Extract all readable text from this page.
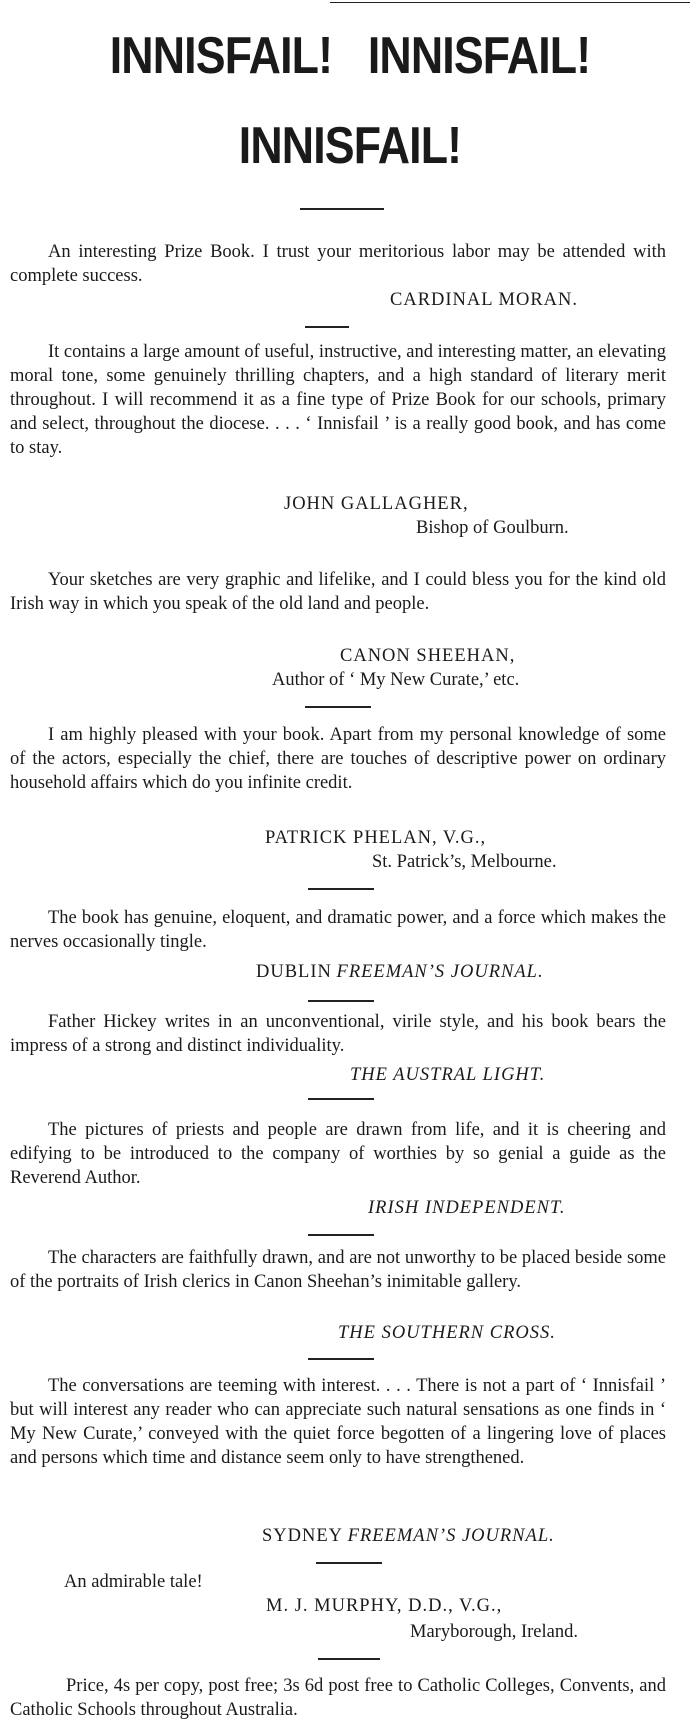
INNISFAIL! INNISFAIL!
INNISFAIL!

An interesting Prize Book. I trust your meritorious labor may be attended with complete success.

CARDINAL MORAN.

It contains a large amount of useful, instructive, and interesting matter, an elevating moral tone, some genuinely thrilling chapters, and a high standard of literary merit throughout. I will recommend it as a fine type of Prize Book for our schools, primary and select, throughout the diocese. . . . ‘ Innisfail ’ is a really good book, and has come to stay.

JOHN GALLAGHER,
Bishop of Goulburn.

Your sketches are very graphic and lifelike, and I could bless you for the kind old Irish way in which you speak of the old land and people.

CANON SHEEHAN,
Author of ‘ My New Curate,’ etc.

I am highly pleased with your book. Apart from my personal knowledge of some of the actors, especially the chief, there are touches of descriptive power on ordinary household affairs which do you infinite credit.

PATRICK PHELAN, V.G.,
St. Patrick’s, Melbourne.

The book has genuine, eloquent, and dramatic power, and a force which makes the nerves occasionally tingle.

DUBLIN FREEMAN’S JOURNAL.

Father Hickey writes in an unconventional, virile style, and his book bears the impress of a strong and distinct individuality.

THE AUSTRAL LIGHT.

The pictures of priests and people are drawn from life, and it is cheering and edifying to be introduced to the company of worthies by so genial a guide as the Reverend Author.

IRISH INDEPENDENT.

The characters are faithfully drawn, and are not unworthy to be placed beside some of the portraits of Irish clerics in Canon Sheehan’s inimitable gallery.

THE SOUTHERN CROSS.

The conversations are teeming with interest. . . . There is not a part of ‘ Innisfail ’ but will interest any reader who can appreciate such natural sensations as one finds in ‘ My New Curate,’ conveyed with the quiet force begotten of a lingering love of places and persons which time and distance seem only to have strengthened.

SYDNEY FREEMAN’S JOURNAL.
An admirable tale!
M. J. MURPHY, D.D., V.G.,
Maryborough, Ireland.

Price, 4s per copy, post free; 3s 6d post free to Catholic Colleges, Convents, and Catholic Schools throughout Australia.
